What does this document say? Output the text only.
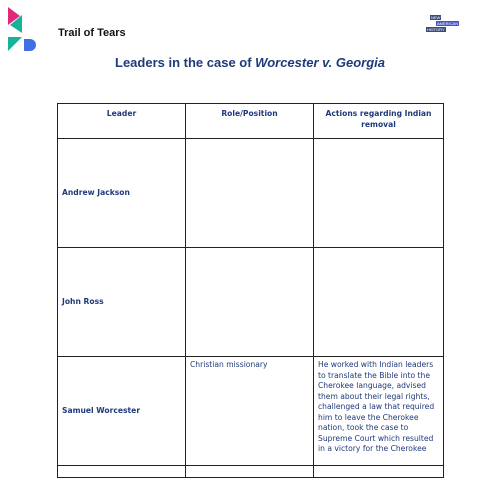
Trail of Tears
NEW
AMERICAN
HISTORY
Leaders in the case of Worcester v. Georgia
Leader	Role/Position	Actions regarding Indian removal
Andrew Jackson		
John Ross		
Samuel Worcester	Christian missionary	He worked with Indian leaders to translate the Bible into the Cherokee language, advised them about their legal rights, challenged a law that required him to leave the Cherokee nation, took the case to Supreme Court which resulted in a victory for the Cherokee
